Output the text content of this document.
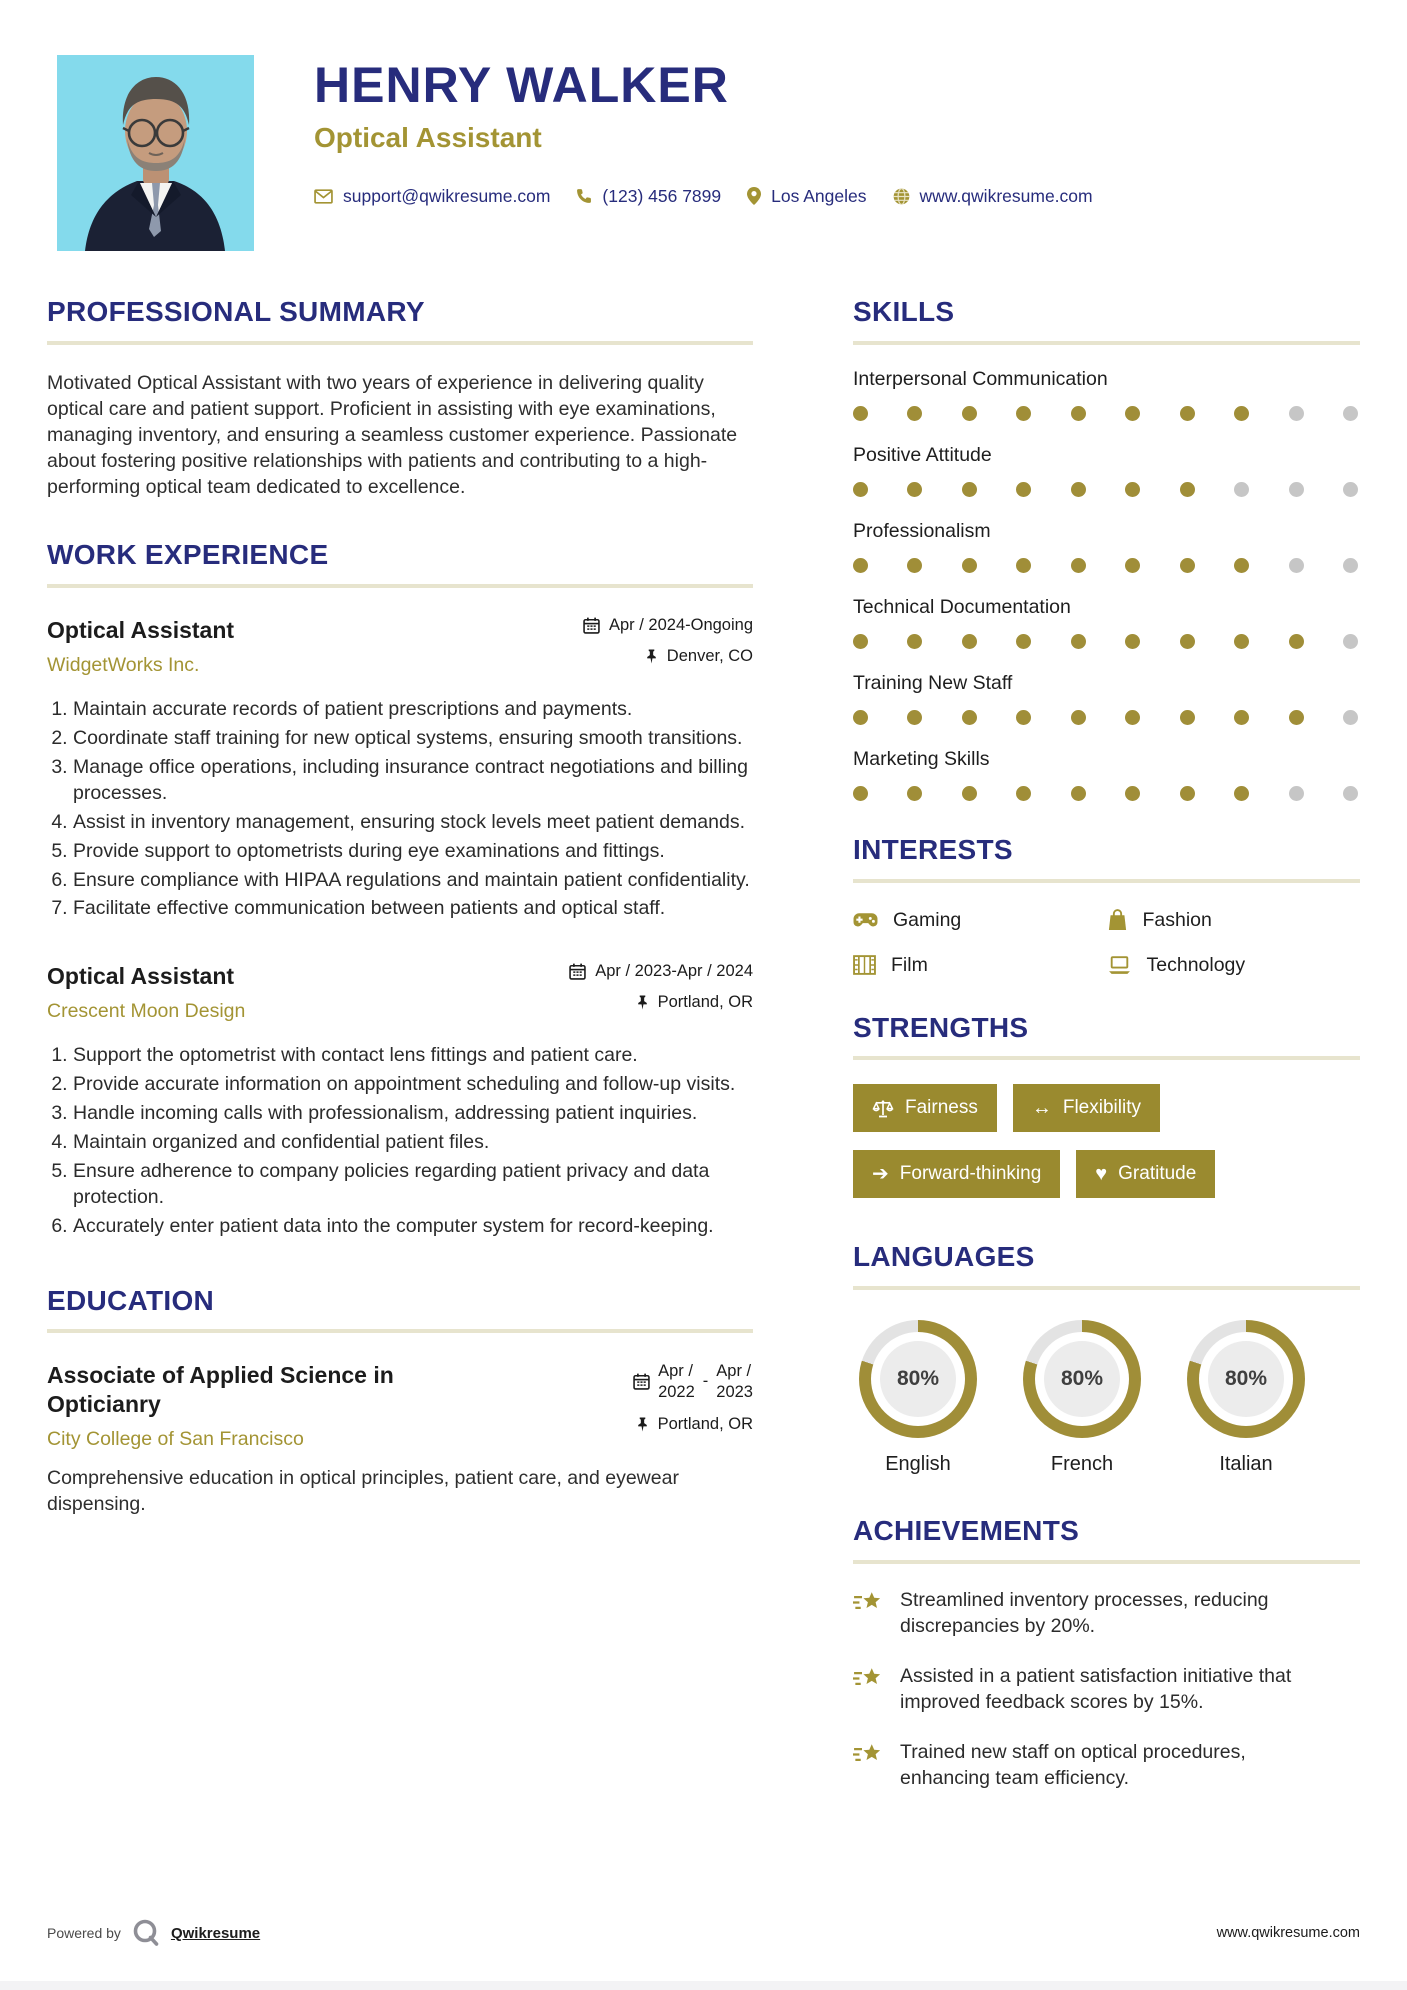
HENRY WALKER
Optical Assistant
support@qwikresume.com	(123) 456 7899	Los Angeles	www.qwikresume.com
PROFESSIONAL SUMMARY
Motivated Optical Assistant with two years of experience in delivering quality optical care and patient support. Proficient in assisting with eye examinations, managing inventory, and ensuring a seamless customer experience. Passionate about fostering positive relationships with patients and contributing to a high-performing optical team dedicated to excellence.
WORK EXPERIENCE
Optical Assistant
WidgetWorks Inc.
Apr / 2024-Ongoing
Denver, CO
1. Maintain accurate records of patient prescriptions and payments.
2. Coordinate staff training for new optical systems, ensuring smooth transitions.
3. Manage office operations, including insurance contract negotiations and billing processes.
4. Assist in inventory management, ensuring stock levels meet patient demands.
5. Provide support to optometrists during eye examinations and fittings.
6. Ensure compliance with HIPAA regulations and maintain patient confidentiality.
7. Facilitate effective communication between patients and optical staff.
Optical Assistant
Crescent Moon Design
Apr / 2023-Apr / 2024
Portland, OR
1. Support the optometrist with contact lens fittings and patient care.
2. Provide accurate information on appointment scheduling and follow-up visits.
3. Handle incoming calls with professionalism, addressing patient inquiries.
4. Maintain organized and confidential patient files.
5. Ensure adherence to company policies regarding patient privacy and data protection.
6. Accurately enter patient data into the computer system for record-keeping.
EDUCATION
Associate of Applied Science in Opticianry
City College of San Francisco
Apr /
2022
-
Apr /
2023
Portland, OR
Comprehensive education in optical principles, patient care, and eyewear dispensing.
SKILLS
Interpersonal Communication
Positive Attitude
Professionalism
Technical Documentation
Training New Staff
Marketing Skills
INTERESTS
Gaming	Fashion
Film	Technology
STRENGTHS
Fairness	↔ Flexibility
➔ Forward-thinking	♥ Gratitude
LANGUAGES
80%
English
80%
French
80%
Italian
ACHIEVEMENTS
Streamlined inventory processes, reducing discrepancies by 20%.
Assisted in a patient satisfaction initiative that improved feedback scores by 15%.
Trained new staff on optical procedures, enhancing team efficiency.
Powered by	Qwikresume	www.qwikresume.com
